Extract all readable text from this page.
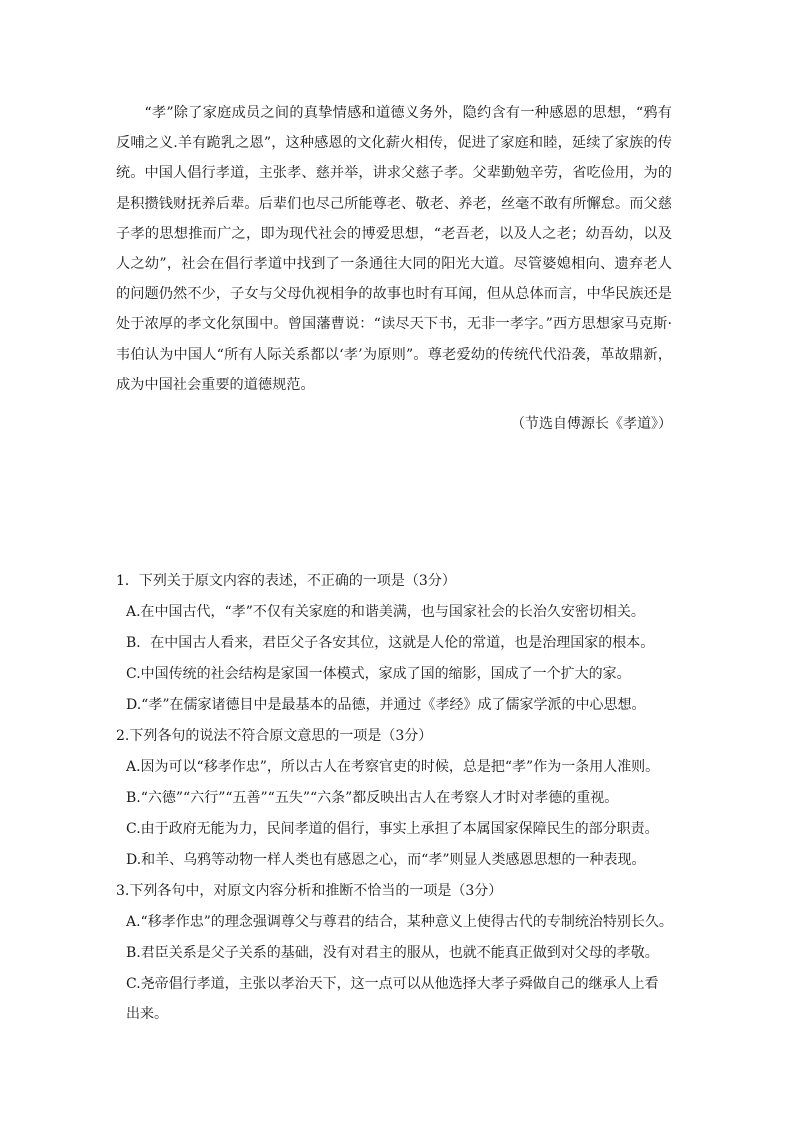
“孝”除了家庭成员之间的真挚情感和道德义务外，隐约含有一种感恩的思想，“鸦有反哺之义.羊有跪乳之恩”，这种感恩的文化薪火相传，促进了家庭和睦，延续了家族的传统。中国人倡行孝道，主张孝、慈并举，讲求父慈子孝。父辈勤勉辛劳，省吃俭用，为的是积攒钱财抚养后辈。后辈们也尽己所能尊老、敬老、养老，丝毫不敢有所懈怠。而父慈子孝的思想推而广之，即为现代社会的博爱思想，“老吾老，以及人之老；幼吾幼，以及人之幼”，社会在倡行孝道中找到了一条通往大同的阳光大道。尽管婆媳相向、遗弃老人的问题仍然不少，子女与父母仇视相争的故事也时有耳闻，但从总体而言，中华民族还是处于浓厚的孝文化氛围中。曾国藩曹说：“读尽天下书，无非一孝字。”西方思想家马克斯·韦伯认为中国人“所有人际关系都以‘孝’为原则”。尊老爱幼的传统代代沿袭，革故鼎新，成为中国社会重要的道德规范。

（节选自傅源长《孝道》）

1．下列关于原文内容的表述，不正确的一项是（3分）

A.在中国古代，“孝”不仅有关家庭的和谐美满，也与国家社会的长治久安密切相关。

B．在中国古人看来，君臣父子各安其位，这就是人伦的常道，也是治理国家的根本。

C.中国传统的社会结构是家国一体模式，家成了国的缩影，国成了一个扩大的家。

D.“孝”在儒家诸德目中是最基本的品德，并通过《孝经》成了儒家学派的中心思想。

2.下列各句的说法不符合原文意思的一项是（3分）

A.因为可以“移孝作忠”，所以古人在考察官吏的时候，总是把“孝”作为一条用人准则。

B.“六德”“六行”“五善”“五失”“六条”都反映出古人在考察人才时对孝德的重视。

C.由于政府无能为力，民间孝道的倡行，事实上承担了本属国家保障民生的部分职责。

D.和羊、乌鸦等动物一样人类也有感恩之心，而“孝”则显人类感恩思想的一种表现。

3.下列各句中，对原文内容分析和推断不恰当的一项是（3分）

A.“移孝作忠”的理念强调尊父与尊君的结合，某种意义上使得古代的专制统治特别长久。

B.君臣关系是父子关系的基础，没有对君主的服从，也就不能真正做到对父母的孝敬。

C.尧帝倡行孝道，主张以孝治天下，这一点可以从他选择大孝子舜做自己的继承人上看出来。
